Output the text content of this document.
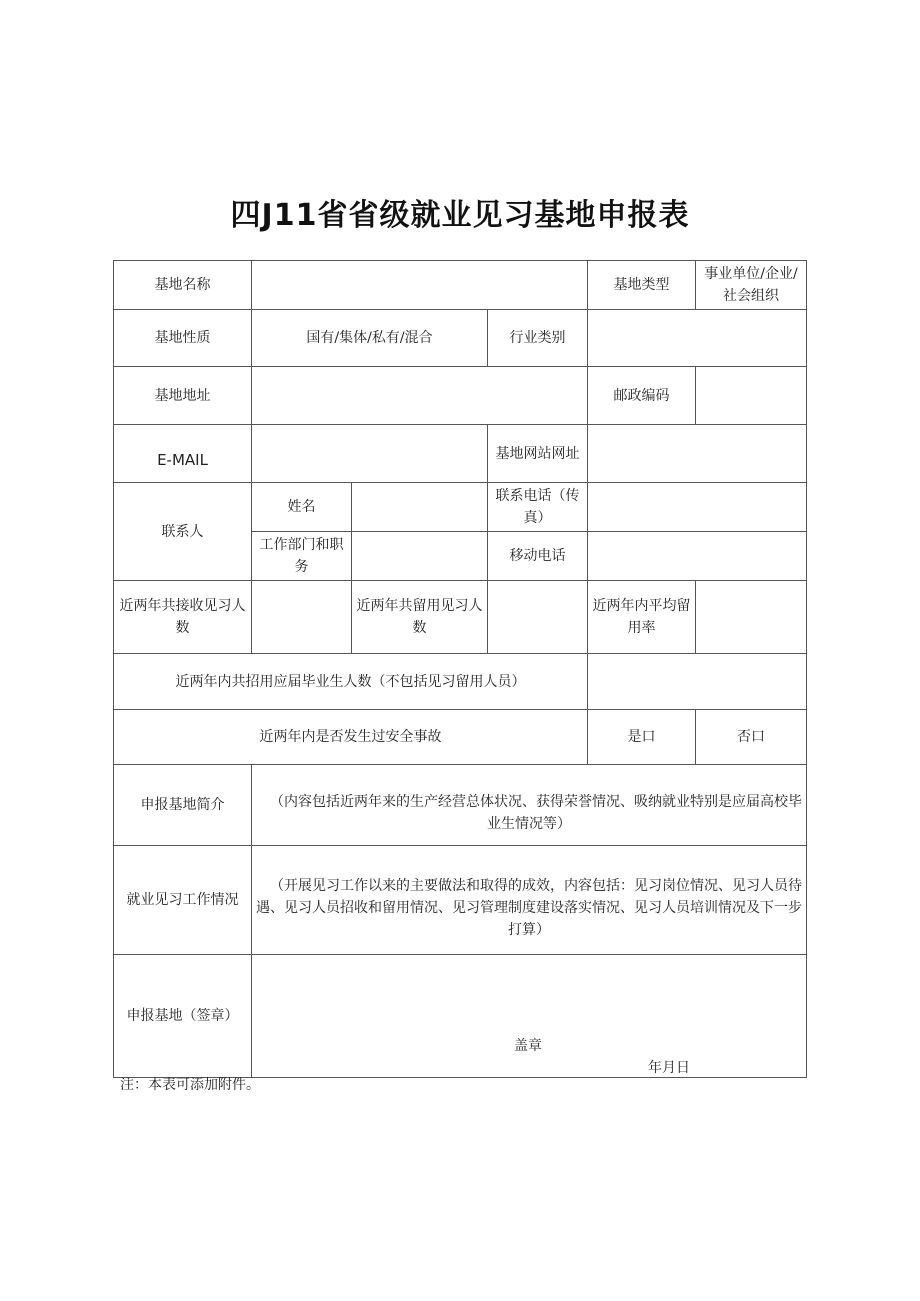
四J11省省级就业见习基地申报表
基地名称				基地类型	事业单位/企业/社会组织
基地性质	国有/集体/私有/混合		行业类别		
基地地址				邮政编码	
E-MAIL			基地网站网址		
联系人	姓名		联系电话（传真）		
	工作部门和职务		移动电话		
近两年共接收见习人数		近两年共留用见习人数		近两年内平均留用率	
近两年内共招用应届毕业生人数（不包括见习留用人员）					
近两年内是否发生过安全事故				是口	否口
申报基地简介	（内容包括近两年来的生产经营总体状况、获得荣誉情况、吸纳就业特别是应届高校毕业生情况等）				
就业见习工作情况	（开展见习工作以来的主要做法和取得的成效，内容包括：见习岗位情况、见习人员待遇、见习人员招收和留用情况、见习管理制度建设落实情况、见习人员培训情况及下一步打算）				
申报基地（签章）	盖章
年月日				
注：本表可添加附件。
